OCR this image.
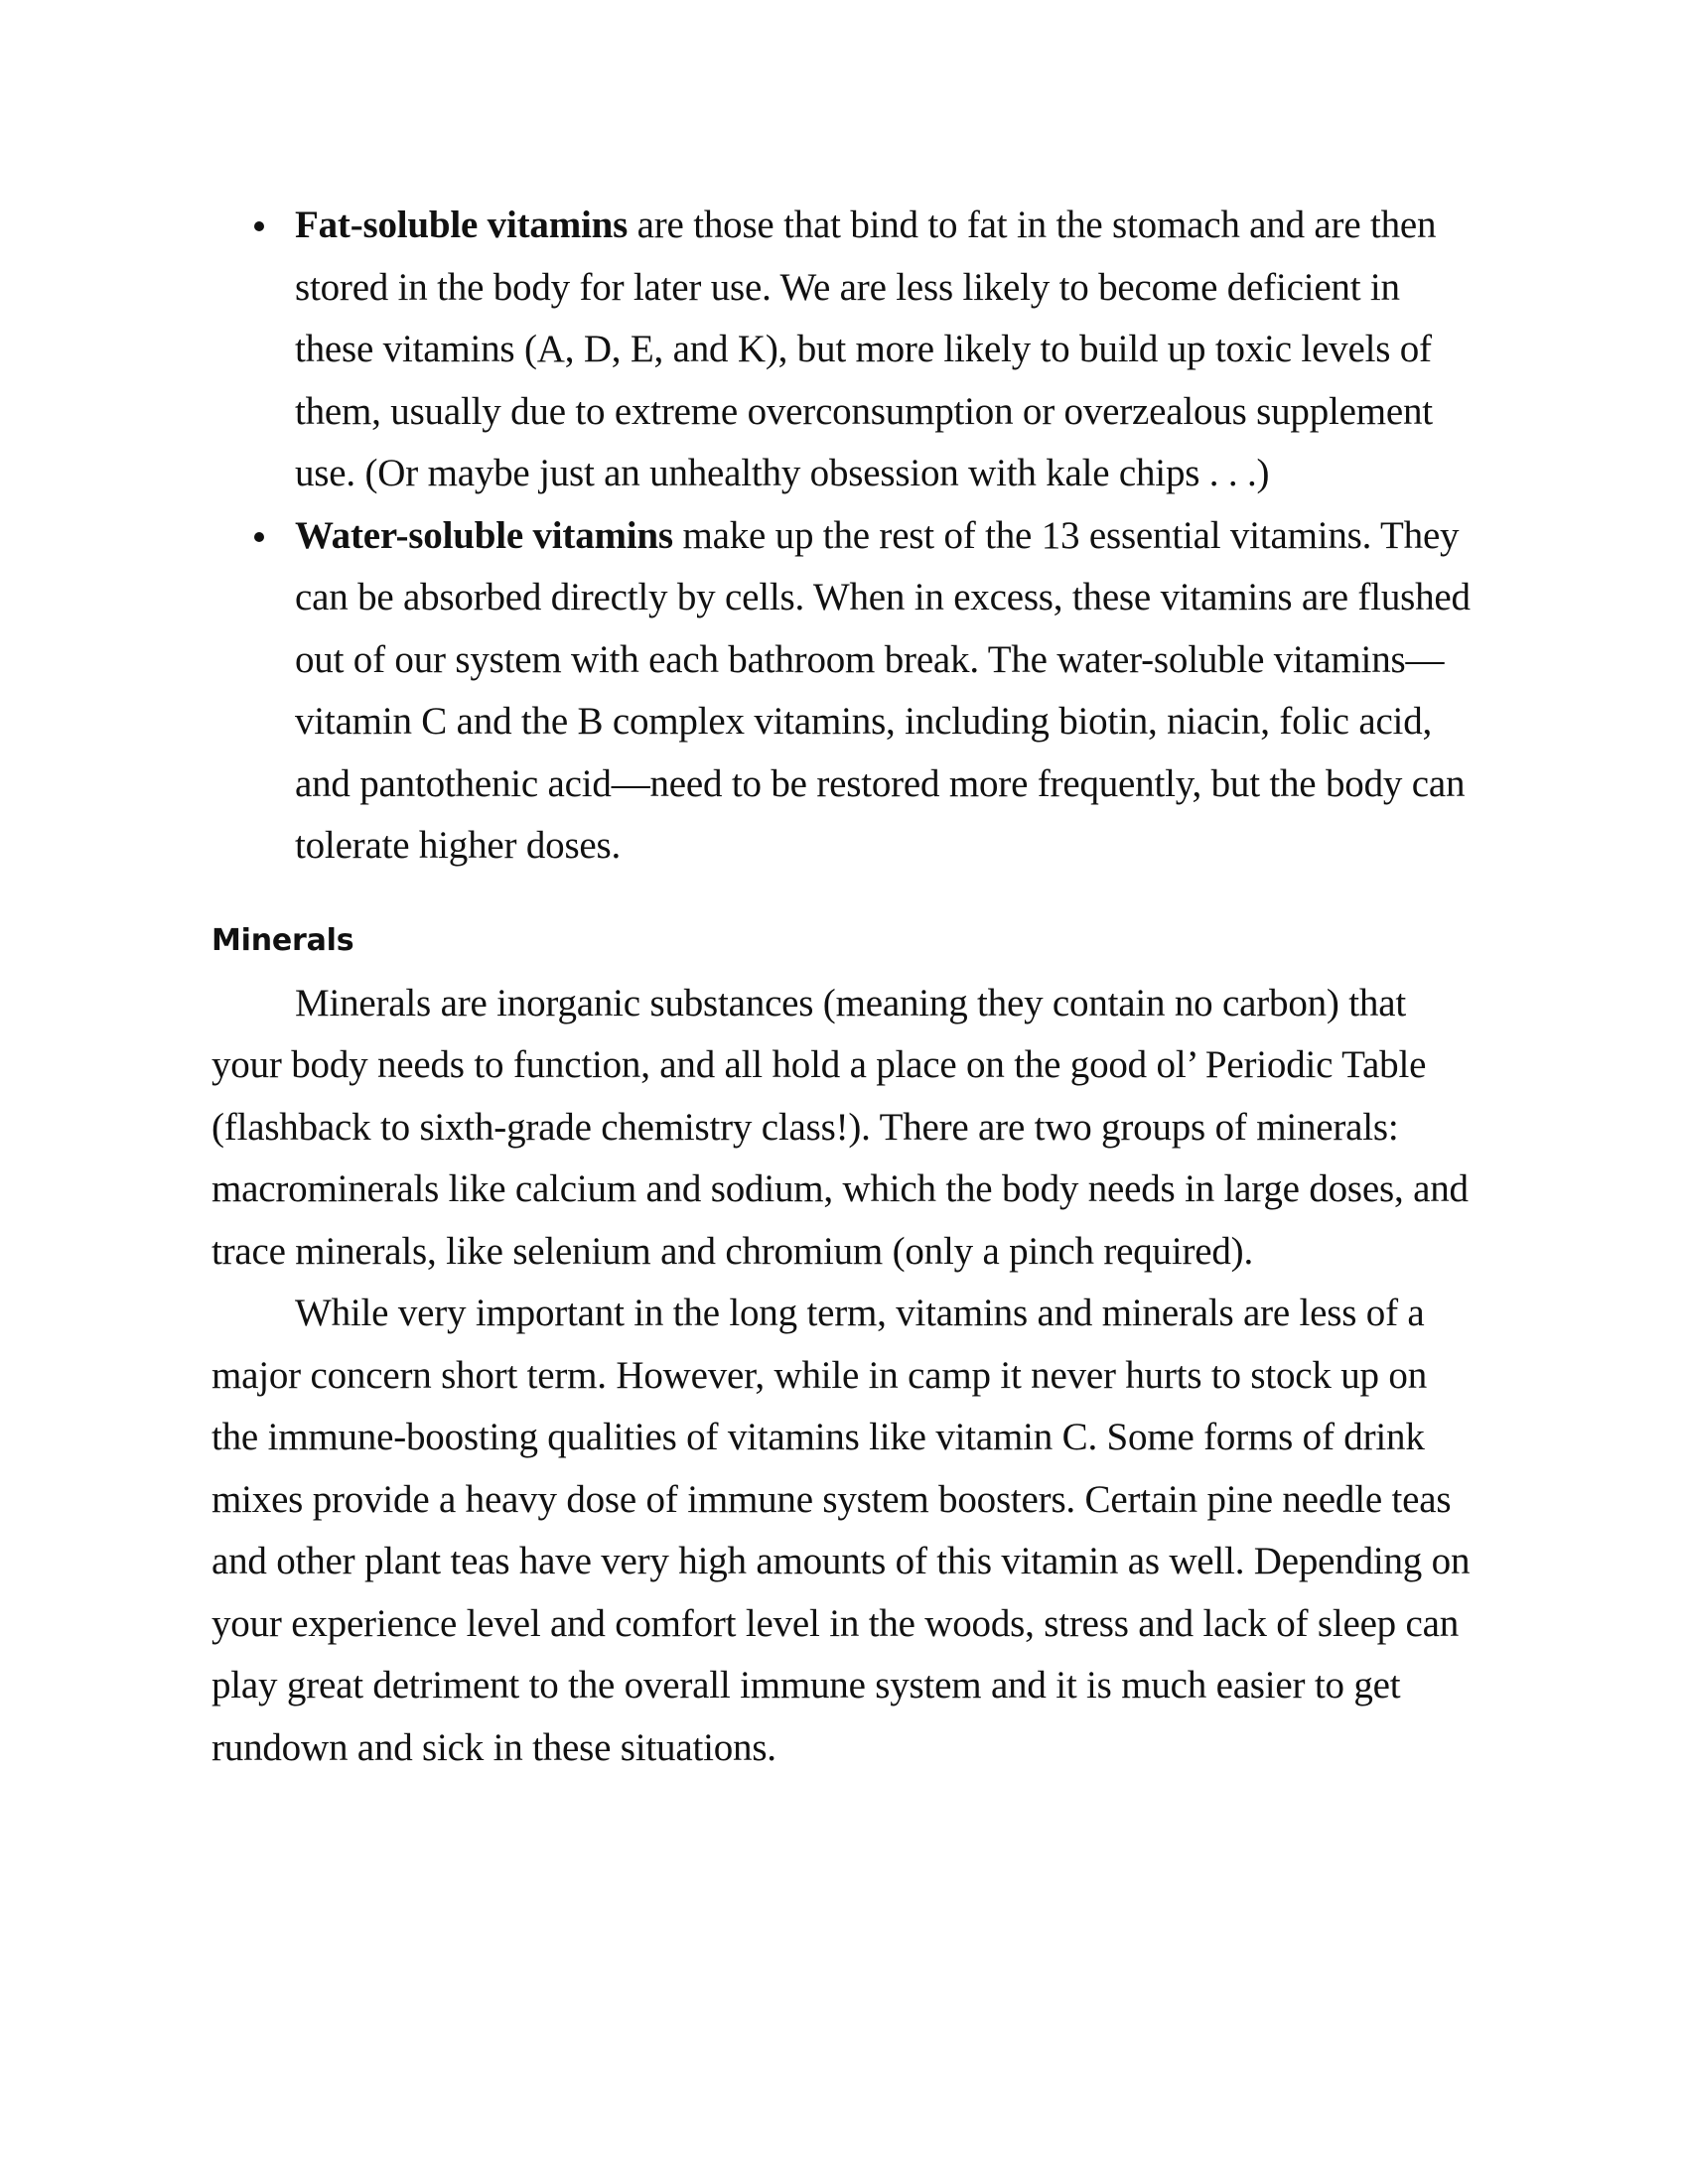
Fat-soluble vitamins are those that bind to fat in the stomach and are then stored in the body for later use. We are less likely to become deficient in these vitamins (A, D, E, and K), but more likely to build up toxic levels of them, usually due to extreme overconsumption or overzealous supplement use. (Or maybe just an unhealthy obsession with kale chips . . .)
Water-soluble vitamins make up the rest of the 13 essential vitamins. They can be absorbed directly by cells. When in excess, these vitamins are flushed out of our system with each bathroom break. The water-soluble vitamins—vitamin C and the B complex vitamins, including biotin, niacin, folic acid, and pantothenic acid—need to be restored more frequently, but the body can tolerate higher doses.
Minerals

Minerals are inorganic substances (meaning they contain no carbon) that your body needs to function, and all hold a place on the good ol’ Periodic Table (flashback to sixth-grade chemistry class!). There are two groups of minerals: macrominerals like calcium and sodium, which the body needs in large doses, and trace minerals, like selenium and chromium (only a pinch required).

While very important in the long term, vitamins and minerals are less of a major concern short term. However, while in camp it never hurts to stock up on the immune-boosting qualities of vitamins like vitamin C. Some forms of drink mixes provide a heavy dose of immune system boosters. Certain pine needle teas and other plant teas have very high amounts of this vitamin as well. Depending on your experience level and comfort level in the woods, stress and lack of sleep can play great detriment to the overall immune system and it is much easier to get rundown and sick in these situations.
